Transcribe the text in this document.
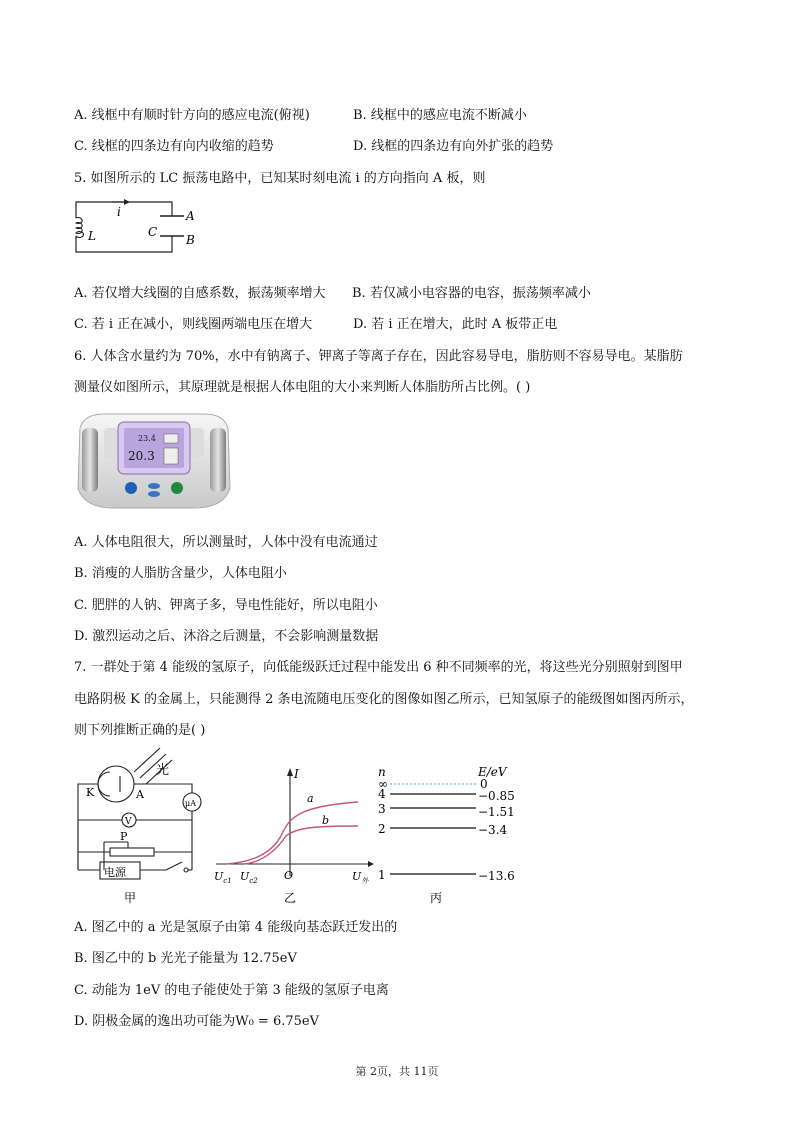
A. 线框中有顺时针方向的感应电流(俯视)	B. 线框中的感应电流不断减小
C. 线框的四条边有向内收缩的趋势	D. 线框的四条边有向外扩张的趋势
5. 如图所示的 LC 振荡电路中，已知某时刻电流 i 的方向指向 A 板，则
i
L	C
A
B
A. 若仅增大线圈的自感系数，振荡频率增大 B. 若仅减小电容器的电容，振荡频率减小
C. 若 i 正在减小，则线圈两端电压在增大	D. 若 i 正在增大，此时 A 板带正电
6. 人体含水量约为 70%，水中有钠离子、钾离子等离子存在，因此容易导电，脂肪则不容易导电。某脂肪
测量仪如图所示，其原理就是根据人体电阻的大小来判断人体脂肪所占比例。( )
23.4
20.3
A. 人体电阻很大，所以测量时，人体中没有电流通过
B. 消瘦的人脂肪含量少，人体电阻小
C. 肥胖的人钠、钾离子多，导电性能好，所以电阻小
D. 激烈运动之后、沐浴之后测量，不会影响测量数据
7. 一群处于第 4 能级的氢原子，向低能级跃迁过程中能发出 6 种不同频率的光，将这些光分别照射到图甲
电路阴极 K 的金属上，只能测得 2 条电流随电压变化的图像如图乙所示，已知氢原子的能级图如图丙所示，
则下列推断正确的是( )
μA
V
光
K	A
P
电源
甲
I
a
b
$U_{c1}$ $U_{c2}$ O	$U_外$
乙
n	E/eV
∞	0
4	−0.85
3	−1.51
2	−3.4
1	−13.6
丙
A. 图乙中的 a 光是氢原子由第 4 能级向基态跃迁发出的
B. 图乙中的 b 光光子能量为 12.75eV
C. 动能为 1eV 的电子能使处于第 3 能级的氢原子电离
D. 阴极金属的逸出功可能为W₀ = 6.75eV
第 2页，共 11页
